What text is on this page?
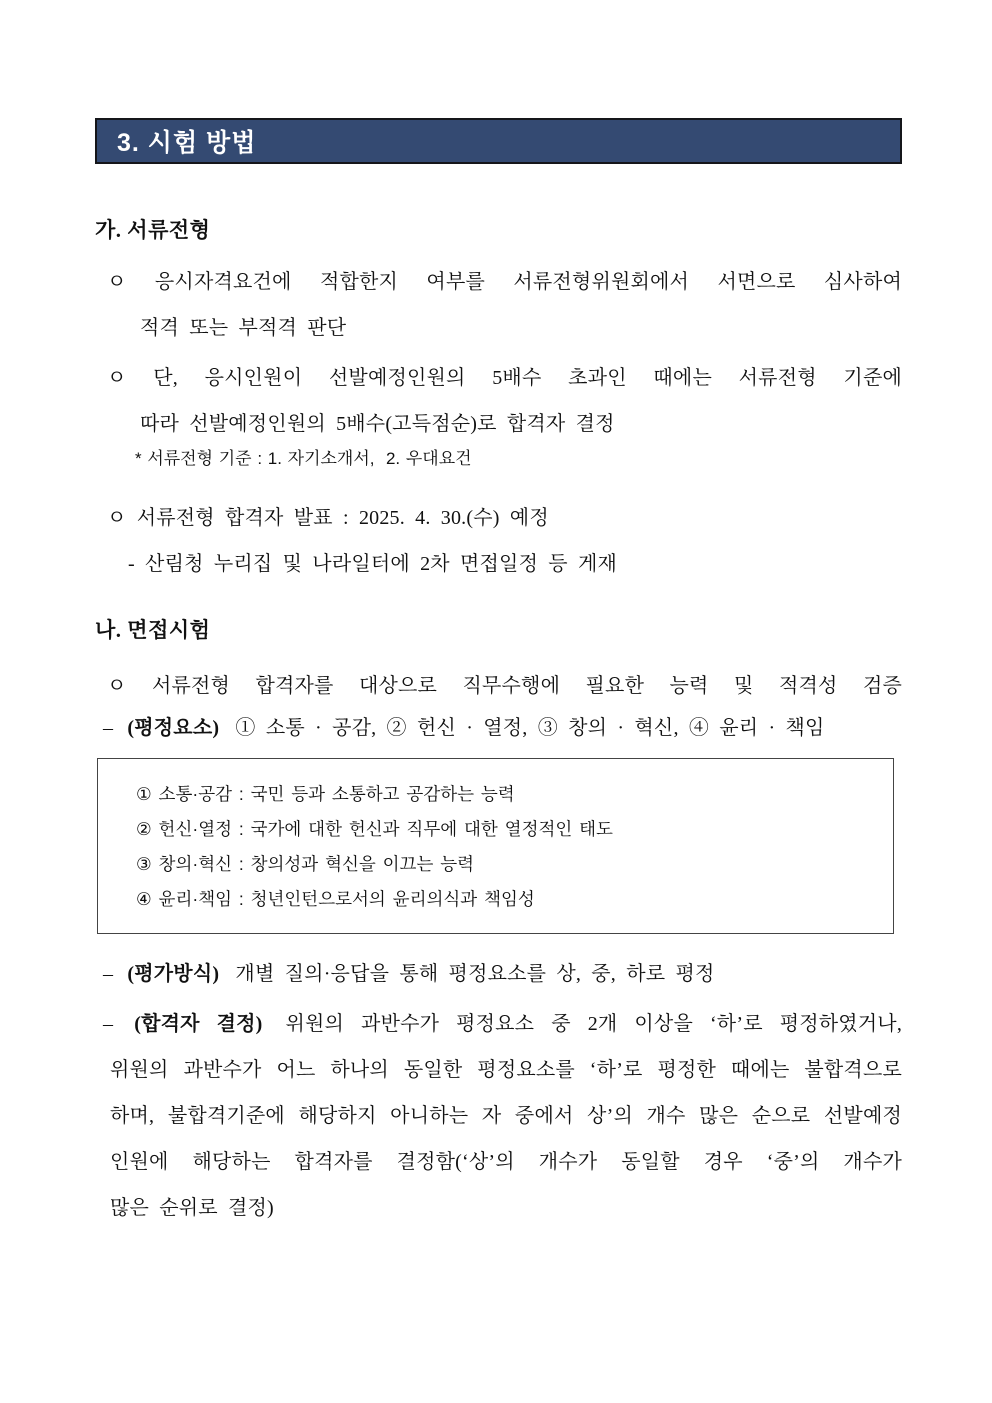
3. 시험 방법
가. 서류전형
ㅇ 응시자격요건에 적합한지 여부를 서류전형위원회에서 서면으로 심사하여
적격 또는 부적격 판단
ㅇ 단, 응시인원이 선발예정인원의 5배수 초과인 때에는 서류전형 기준에
따라 선발예정인원의 5배수(고득점순)로 합격자 결정
* 서류전형 기준 : 1. 자기소개서,  2. 우대요건
ㅇ 서류전형 합격자 발표 : 2025. 4. 30.(수) 예정
- 산림청 누리집 및 나라일터에 2차 면접일정 등 게재
나. 면접시험
ㅇ 서류전형 합격자를 대상으로 직무수행에 필요한 능력 및 적격성 검증
– (평정요소) ① 소통 · 공감, ② 헌신 · 열정, ③ 창의 · 혁신, ④ 윤리 · 책임
① 소통·공감 : 국민 등과 소통하고 공감하는 능력
② 헌신·열정 : 국가에 대한 헌신과 직무에 대한 열정적인 태도
③ 창의·혁신 : 창의성과 혁신을 이끄는 능력
④ 윤리·책임 : 청년인턴으로서의 윤리의식과 책임성
– (평가방식) 개별 질의·응답을 통해 평정요소를 상, 중, 하로 평정
– (합격자 결정) 위원의 과반수가 평정요소 중 2개 이상을 ‘하’로 평정하였거나,
위원의 과반수가 어느 하나의 동일한 평정요소를 ‘하’로 평정한 때에는 불합격으로
하며, 불합격기준에 해당하지 아니하는 자 중에서 상’의 개수 많은 순으로 선발예정
인원에 해당하는 합격자를 결정함(‘상’의 개수가 동일할 경우 ‘중’의 개수가
많은 순위로 결정)
